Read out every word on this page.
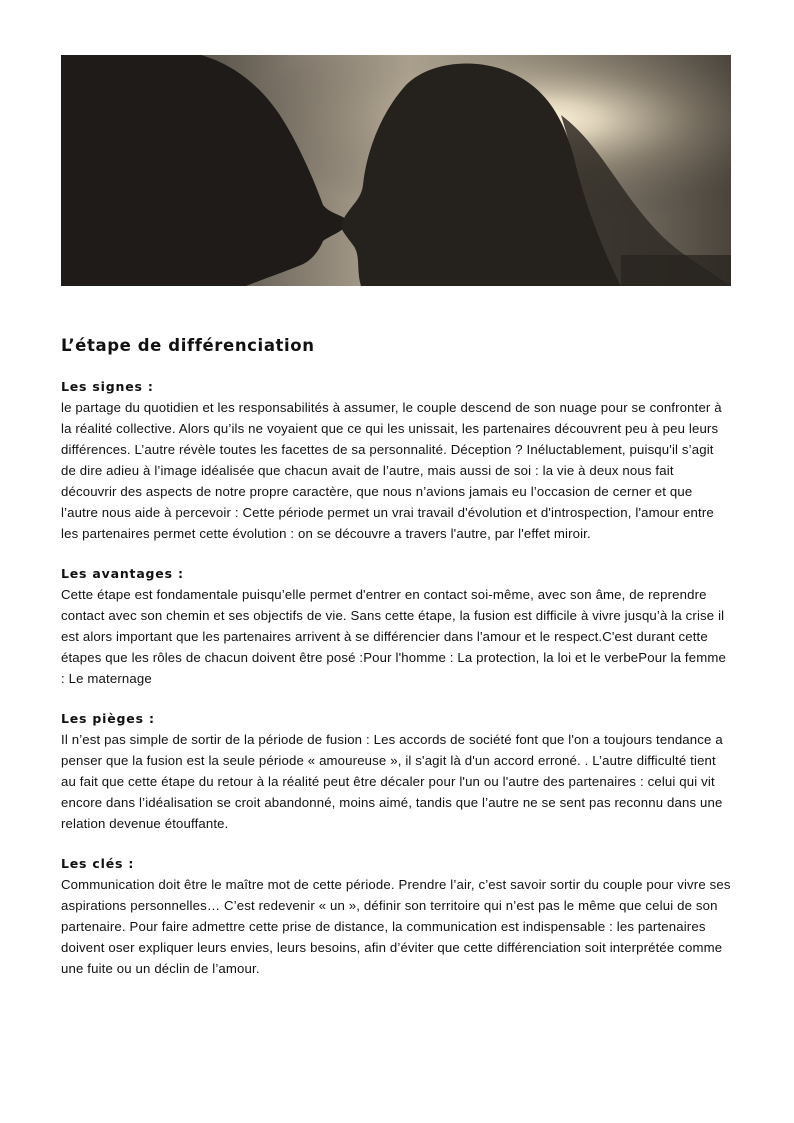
L’étape de différenciation
Les signes :

le partage du quotidien et les responsabilités à assumer, le couple descend de son nuage pour se confronter à la réalité collective. Alors qu’ils ne voyaient que ce qui les unissait, les partenaires découvrent peu à peu leurs différences. L’autre révèle toutes les facettes de sa personnalité. Déception ? Inéluctablement, puisqu'il s’agit de dire adieu à l’image idéalisée que chacun avait de l’autre, mais aussi de soi : la vie à deux nous fait découvrir des aspects de notre propre caractère, que nous n’avions jamais eu l’occasion de cerner et que l’autre nous aide à percevoir : Cette période permet un vrai travail d'évolution et d'introspection, l'amour entre les partenaires permet cette évolution : on se découvre a travers l'autre, par l'effet miroir.

Les avantages :

Cette étape est fondamentale puisqu’elle permet d'entrer en contact soi-même, avec son âme, de reprendre contact avec son chemin et ses objectifs de vie. Sans cette étape, la fusion est difficile à vivre jusqu’à la crise il est alors important que les partenaires arrivent à se différencier dans l'amour et le respect.C'est durant cette étapes que les rôles de chacun doivent être posé :Pour l'homme : La protection, la loi et le verbePour la femme : Le maternage

Les pièges :

Il n’est pas simple de sortir de la période de fusion : Les accords de société font que l'on a toujours tendance a penser que la fusion est la seule période « amoureuse », il s'agit là d'un accord erroné. . L’autre difficulté tient au fait que cette étape du retour à la réalité peut être décaler pour l'un ou l'autre des partenaires : celui qui vit encore dans l’idéalisation se croit abandonné, moins aimé, tandis que l’autre ne se sent pas reconnu dans une relation devenue étouffante.

Les clés :

Communication doit être le maître mot de cette période. Prendre l’air, c’est savoir sortir du couple pour vivre ses aspirations personnelles… C’est redevenir « un », définir son territoire qui n’est pas le même que celui de son partenaire. Pour faire admettre cette prise de distance, la communication est indispensable : les partenaires doivent oser expliquer leurs envies, leurs besoins, afin d’éviter que cette différenciation soit interprétée comme une fuite ou un déclin de l’amour.
